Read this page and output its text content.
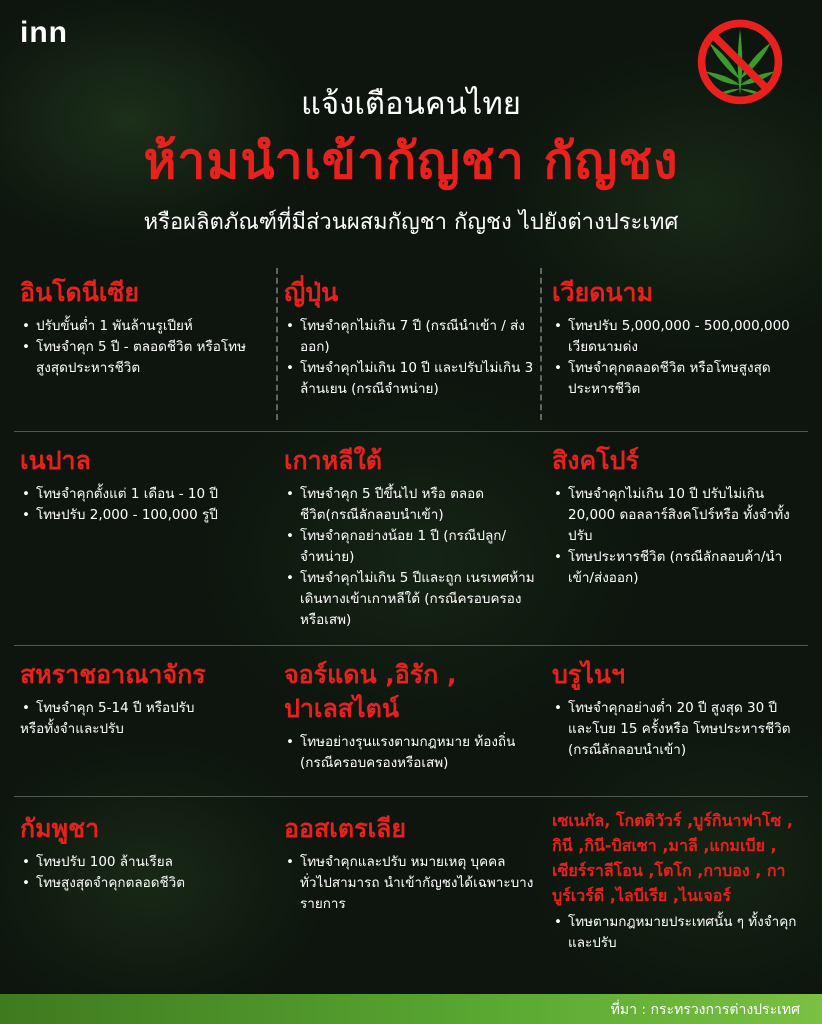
inn
แจ้งเตือนคนไทย
ห้ามนำเข้ากัญชา กัญชง
หรือผลิตภัณฑ์ที่มีส่วนผสมกัญชา กัญชง ไปยังต่างประเทศ
อินโดนีเซีย
• ปรับขั้นต่ำ 1 พันล้านรูเปียห์
• โทษจำคุก 5 ปี - ตลอดชีวิต หรือโทษสูงสุดประหารชีวิต
ญี่ปุ่น
• โทษจำคุกไม่เกิน 7 ปี (กรณีนำเข้า / ส่งออก)
• โทษจำคุกไม่เกิน 10 ปี และปรับไม่เกิน 3 ล้านเยน (กรณีจำหน่าย)
เวียดนาม
• โทษปรับ 5,000,000 - 500,000,000 เวียดนามด่ง
• โทษจำคุกตลอดชีวิต หรือโทษสูงสุดประหารชีวิต
เนปาล
• โทษจำคุกตั้งแต่ 1 เดือน - 10 ปี
• โทษปรับ 2,000 - 100,000 รูปี
เกาหลีใต้
• โทษจำคุก 5 ปีขึ้นไป หรือ ตลอดชีวิต(กรณีลักลอบนำเข้า)
• โทษจำคุกอย่างน้อย 1 ปี (กรณีปลูก/จำหน่าย)
• โทษจำคุกไม่เกิน 5 ปีและถูก เนรเทศห้ามเดินทางเข้าเกาหลีใต้ (กรณีครอบครองหรือเสพ)
สิงคโปร์
• โทษจำคุกไม่เกิน 10 ปี ปรับไม่เกิน 20,000 ดอลลาร์สิงคโปร์หรือ ทั้งจำทั้งปรับ
• โทษประหารชีวิต (กรณีลักลอบค้า/นำเข้า/ส่งออก)
สหราชอาณาจักร
• โทษจำคุก 5-14 ปี หรือปรับ
หรือทั้งจำและปรับ
จอร์แดน ,อิรัก , ปาเลสไตน์
• โทษอย่างรุนแรงตามกฎหมาย ท้องถิ่น (กรณีครอบครองหรือเสพ)
บรูไนฯ
• โทษจำคุกอย่างต่ำ 20 ปี สูงสุด 30 ปี และโบย 15 ครั้งหรือ โทษประหารชีวิต (กรณีลักลอบนำเข้า)
กัมพูชา
• โทษปรับ 100 ล้านเรียล
• โทษสูงสุดจำคุกตลอดชีวิต
ออสเตรเลีย
• โทษจำคุกและปรับ หมายเหตุ บุคคลทั่วไปสามารถ นำเข้ากัญชงได้เฉพาะบางรายการ
เซเนกัล, โกตดิวัวร์ ,บูร์กินาฟาโซ , กินี ,กินี-บิสเซา ,มาลี ,แกมเบีย , เซียร์ราลีโอน ,โตโก ,กาบอง , กาบูร์เวร์ดี ,ไลบีเรีย ,ไนเจอร์
• โทษตามกฎหมายประเทศนั้น ๆ ทั้งจำคุกและปรับ
ที่มา : กระทรวงการต่างประเทศ
